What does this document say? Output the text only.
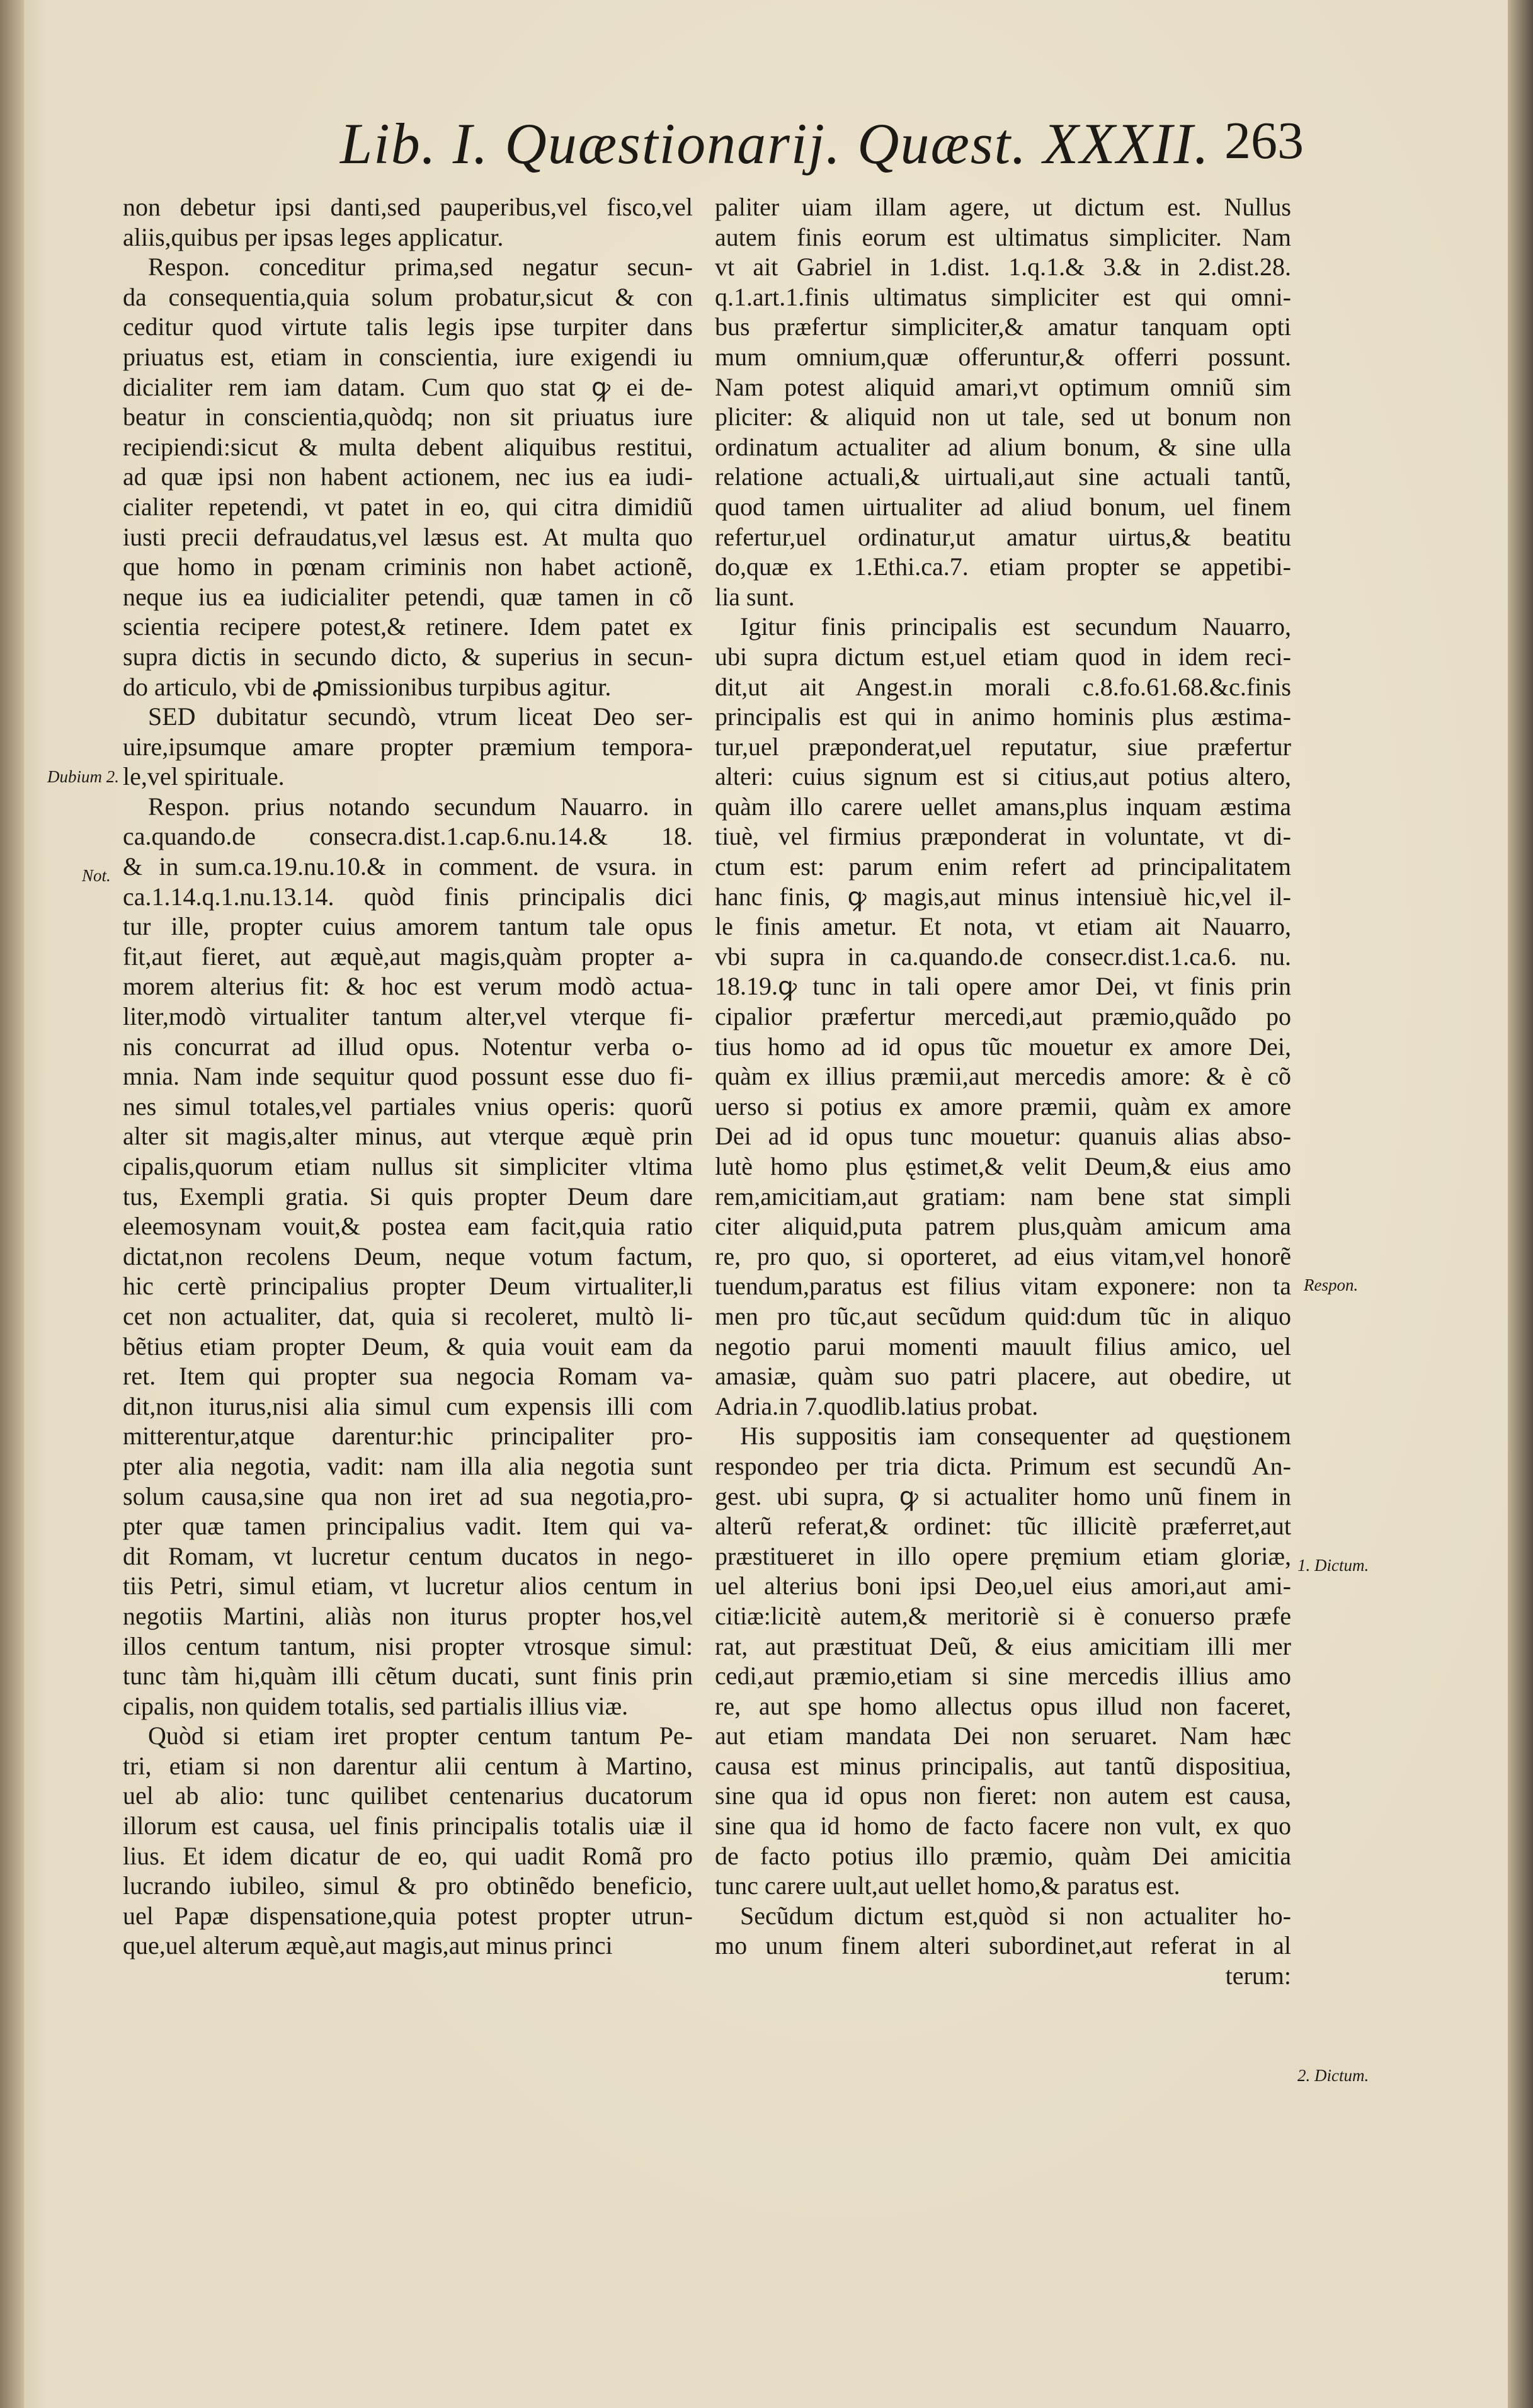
Lib. I. Quæstionarij. Quæst. XXXII. 263

non debetur ipsi danti,sed pauperibus,vel fisco,vel

aliis,quibus per ipsas leges applicatur.

Respon. conceditur prima,sed negatur secun-

da consequentia,quia solum probatur,sicut & con

ceditur quod virtute talis legis ipse turpiter dans

priuatus est, etiam in conscientia, iure exigendi iu

dicialiter rem iam datam. Cum quo stat ꝙ ei de-

beatur in conscientia,quòdq; non sit priuatus iure

recipiendi:sicut & multa debent aliquibus restitui,

ad quæ ipsi non habent actionem, nec ius ea iudi-

cialiter repetendi, vt patet in eo, qui citra dimidiũ

iusti precii defraudatus,vel læsus est. At multa quo

que homo in pœnam criminis non habet actionẽ,

neque ius ea iudicialiter petendi, quæ tamen in cõ

scientia recipere potest,& retinere. Idem patet ex

supra dictis in secundo dicto, & superius in secun-

do articulo, vbi de ꝓmissionibus turpibus agitur.

SED dubitatur secundò, vtrum liceat Deo ser-

uire,ipsumque amare propter præmium tempora-

le,vel spirituale.

Respon. prius notando secundum Nauarro. in

ca.quando.de consecra.dist.1.cap.6.nu.14.& 18.

& in sum.ca.19.nu.10.& in comment. de vsura. in

ca.1.14.q.1.nu.13.14. quòd finis principalis dici

tur ille, propter cuius amorem tantum tale opus

fit,aut fieret, aut æquè,aut magis,quàm propter a-

morem alterius fit: & hoc est verum modò actua-

liter,modò virtualiter tantum alter,vel vterque fi-

nis concurrat ad illud opus. Notentur verba o-

mnia. Nam inde sequitur quod possunt esse duo fi-

nes simul totales,vel partiales vnius operis: quorũ

alter sit magis,alter minus, aut vterque æquè prin

cipalis,quorum etiam nullus sit simpliciter vltima

tus, Exempli gratia. Si quis propter Deum dare

eleemosynam vouit,& postea eam facit,quia ratio

dictat,non recolens Deum, neque votum factum,

hic certè principalius propter Deum virtualiter,li

cet non actualiter, dat, quia si recoleret, multò li-

bẽtius etiam propter Deum, & quia vouit eam da

ret. Item qui propter sua negocia Romam va-

dit,non iturus,nisi alia simul cum expensis illi com

mitterentur,atque darentur:hic principaliter pro-

pter alia negotia, vadit: nam illa alia negotia sunt

solum causa,sine qua non iret ad sua negotia,pro-

pter quæ tamen principalius vadit. Item qui va-

dit Romam, vt lucretur centum ducatos in nego-

tiis Petri, simul etiam, vt lucretur alios centum in

negotiis Martini, aliàs non iturus propter hos,vel

illos centum tantum, nisi propter vtrosque simul:

tunc tàm hi,quàm illi cẽtum ducati, sunt finis prin

cipalis, non quidem totalis, sed partialis illius viæ.

Quòd si etiam iret propter centum tantum Pe-

tri, etiam si non darentur alii centum à Martino,

uel ab alio: tunc quilibet centenarius ducatorum

illorum est causa, uel finis principalis totalis uiæ il

lius. Et idem dicatur de eo, qui uadit Romã pro

lucrando iubileo, simul & pro obtinẽdo beneficio,

uel Papæ dispensatione,quia potest propter utrun-

que,uel alterum æquè,aut magis,aut minus princi

paliter uiam illam agere, ut dictum est. Nullus

autem finis eorum est ultimatus simpliciter. Nam

vt ait Gabriel in 1.dist. 1.q.1.& 3.& in 2.dist.28.

q.1.art.1.finis ultimatus simpliciter est qui omni-

bus præfertur simpliciter,& amatur tanquam opti

mum omnium,quæ offeruntur,& offerri possunt.

Nam potest aliquid amari,vt optimum omniũ sim

pliciter: & aliquid non ut tale, sed ut bonum non

ordinatum actualiter ad alium bonum, & sine ulla

relatione actuali,& uirtuali,aut sine actuali tantũ,

quod tamen uirtualiter ad aliud bonum, uel finem

refertur,uel ordinatur,ut amatur uirtus,& beatitu

do,quæ ex 1.Ethi.ca.7. etiam propter se appetibi-

lia sunt.

Igitur finis principalis est secundum Nauarro,

ubi supra dictum est,uel etiam quod in idem reci-

dit,ut ait Angest.in morali c.8.fo.61.68.&c.finis

principalis est qui in animo hominis plus æstima-

tur,uel præponderat,uel reputatur, siue præfertur

alteri: cuius signum est si citius,aut potius altero,

quàm illo carere uellet amans,plus inquam æstima

tiuè, vel firmius præponderat in voluntate, vt di-

ctum est: parum enim refert ad principalitatem

hanc finis, ꝙ magis,aut minus intensiuè hic,vel il-

le finis ametur. Et nota, vt etiam ait Nauarro,

vbi supra in ca.quando.de consecr.dist.1.ca.6. nu.

18.19.ꝙ tunc in tali opere amor Dei, vt finis prin

cipalior præfertur mercedi,aut præmio,quãdo po

tius homo ad id opus tũc mouetur ex amore Dei,

quàm ex illius præmii,aut mercedis amore: & è cõ

uerso si potius ex amore præmii, quàm ex amore

Dei ad id opus tunc mouetur: quanuis alias abso-

lutè homo plus ęstimet,& velit Deum,& eius amo

rem,amicitiam,aut gratiam: nam bene stat simpli

citer aliquid,puta patrem plus,quàm amicum ama

re, pro quo, si oporteret, ad eius vitam,vel honorẽ

tuendum,paratus est filius vitam exponere: non ta

men pro tũc,aut secũdum quid:dum tũc in aliquo

negotio parui momenti mauult filius amico, uel

amasiæ, quàm suo patri placere, aut obedire, ut

Adria.in 7.quodlib.latius probat.

His suppositis iam consequenter ad quęstionem

respondeo per tria dicta. Primum est secundũ An-

gest. ubi supra, ꝙ si actualiter homo unũ finem in

alterũ referat,& ordinet: tũc illicitè præferret,aut

præstitueret in illo opere pręmium etiam gloriæ,

uel alterius boni ipsi Deo,uel eius amori,aut ami-

citiæ:licitè autem,& meritoriè si è conuerso præfe

rat, aut præstituat Deũ, & eius amicitiam illi mer

cedi,aut præmio,etiam si sine mercedis illius amo

re, aut spe homo allectus opus illud non faceret,

aut etiam mandata Dei non seruaret. Nam hæc

causa est minus principalis, aut tantũ dispositiua,

sine qua id opus non fieret: non autem est causa,

sine qua id homo de facto facere non vult, ex quo

de facto potius illo præmio, quàm Dei amicitia

tunc carere uult,aut uellet homo,& paratus est.

Secũdum dictum est,quòd si non actualiter ho-

mo unum finem alteri subordinet,aut referat in al

terum:

Dubium 2.
Not.
Respon.
1. Dictum.
2. Dictum.
